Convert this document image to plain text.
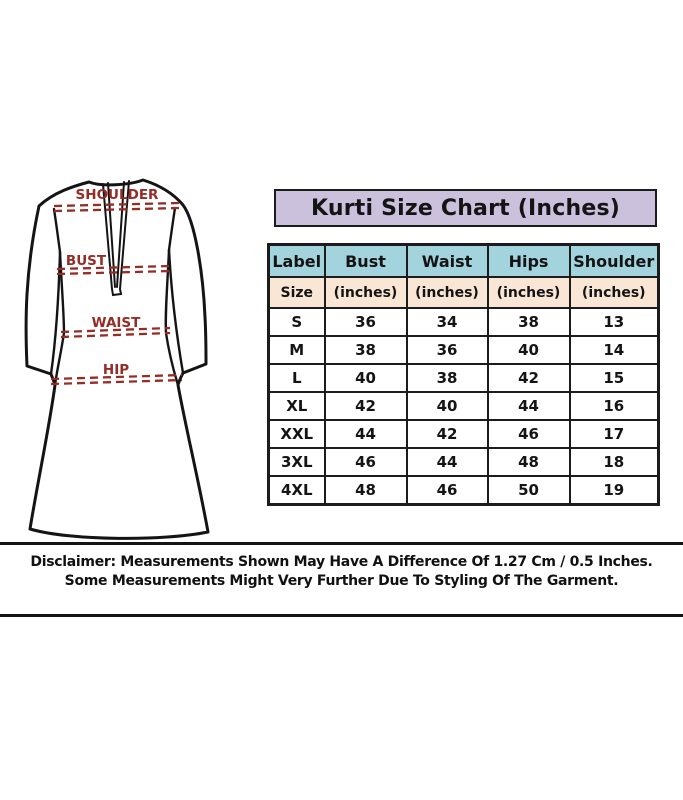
SHOULDER
BUST
WAIST
HIP
Kurti Size Chart (Inches)
Label	Bust	Waist	Hips	Shoulder
Size	(inches)	(inches)	(inches)	(inches)
S	36	34	38	13
M	38	36	40	14
L	40	38	42	15
XL	42	40	44	16
XXL	44	42	46	17
3XL	46	44	48	18
4XL	48	46	50	19
Disclaimer: Measurements Shown May Have A Difference Of 1.27 Cm / 0.5 Inches.
Some Measurements Might Very Further Due To Styling Of The Garment.
